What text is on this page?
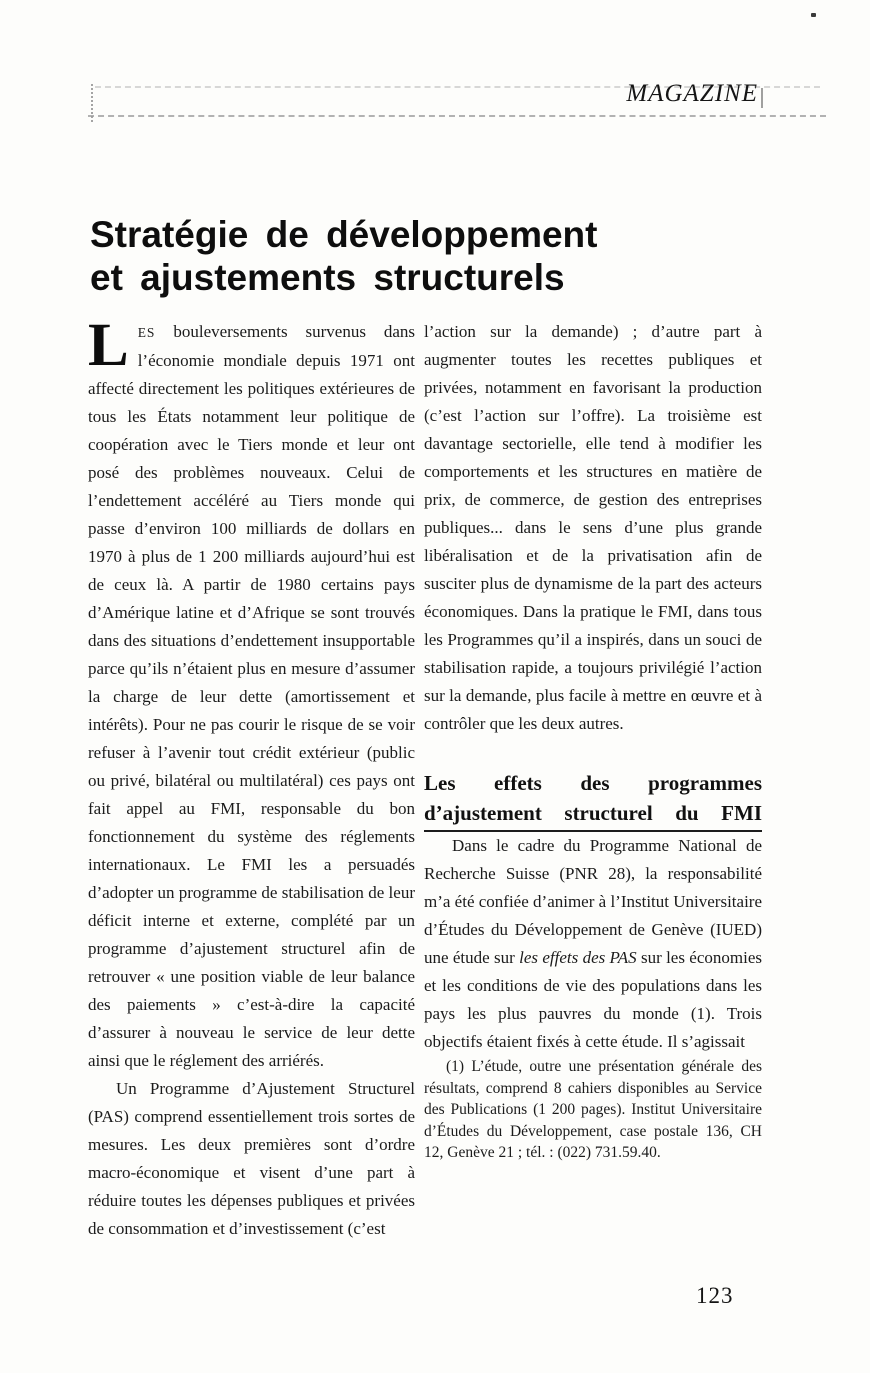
MAGAZINE
Stratégie de développement
et ajustements structurels

LES bouleversements survenus dans l’économie mondiale depuis 1971 ont affecté directement les politiques extérieures de tous les États notamment leur politique de coopération avec le Tiers monde et leur ont posé des problèmes nouveaux. Celui de l’endettement accéléré au Tiers monde qui passe d’environ 100 milliards de dollars en 1970 à plus de 1 200 milliards aujourd’hui est de ceux là. A partir de 1980 certains pays d’Amérique latine et d’Afrique se sont trouvés dans des situations d’endettement insupportable parce qu’ils n’étaient plus en mesure d’assumer la charge de leur dette (amortissement et intérêts). Pour ne pas courir le risque de se voir refuser à l’avenir tout crédit extérieur (public ou privé, bilatéral ou multilatéral) ces pays ont fait appel au FMI, responsable du bon fonctionnement du système des réglements internationaux. Le FMI les a persuadés d’adopter un programme de stabilisation de leur déficit interne et externe, complété par un programme d’ajustement structurel afin de retrouver « une position viable de leur balance des paiements » c’est-à-dire la capacité d’assurer à nouveau le service de leur dette ainsi que le réglement des arriérés.

Un Programme d’Ajustement Structurel (PAS) comprend essentiellement trois sortes de mesures. Les deux premières sont d’ordre macro-économique et visent d’une part à réduire toutes les dépenses publiques et privées de consommation et d’investissement (c’est

l’action sur la demande) ; d’autre part à augmenter toutes les recettes publiques et privées, notamment en favorisant la production (c’est l’action sur l’offre). La troisième est davantage sectorielle, elle tend à modifier les comportements et les structures en matière de prix, de commerce, de gestion des entreprises publiques... dans le sens d’une plus grande libéralisation et de la privatisation afin de susciter plus de dynamisme de la part des acteurs économiques. Dans la pratique le FMI, dans tous les Programmes qu’il a inspirés, dans un souci de stabilisation rapide, a toujours privilégié l’action sur la demande, plus facile à mettre en œuvre et à contrôler que les deux autres.

Les effets des programmes
d’ajustement structurel du FMI

Dans le cadre du Programme National de Recherche Suisse (PNR 28), la responsabilité m’a été confiée d’animer à l’Institut Universitaire d’Études du Développement de Genève (IUED) une étude sur les effets des PAS sur les économies et les conditions de vie des populations dans les pays les plus pauvres du monde (1). Trois objectifs étaient fixés à cette étude. Il s’agissait

(1) L’étude, outre une présentation générale des résultats, comprend 8 cahiers disponibles au Service des Publications (1 200 pages). Institut Universitaire d’Études du Développement, case postale 136, CH 12, Genève 21 ; tél. : (022) 731.59.40.

123
